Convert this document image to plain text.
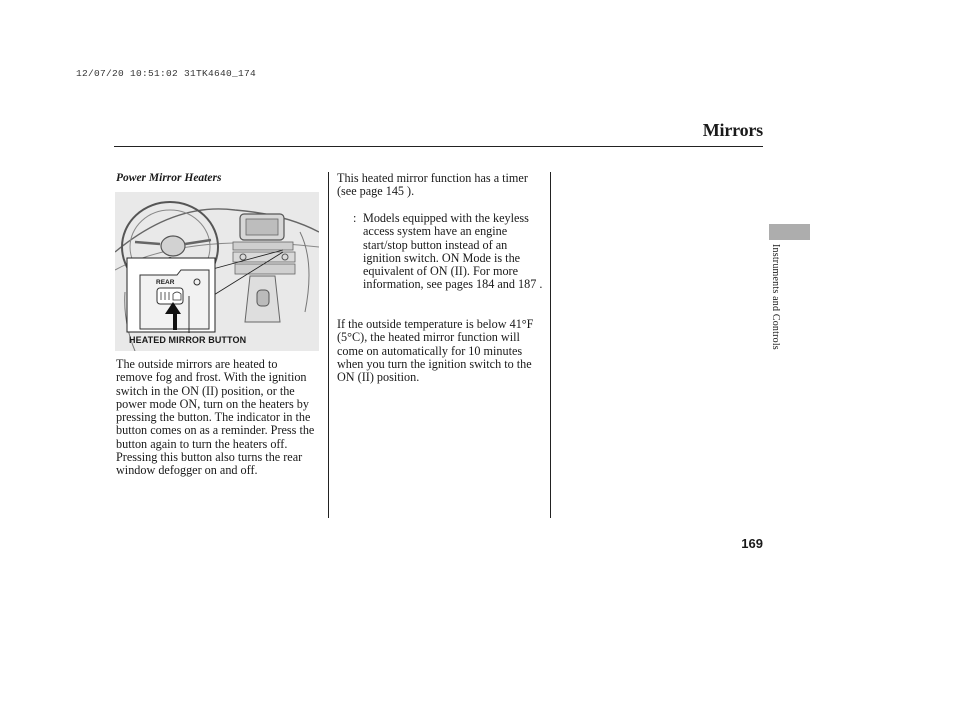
12/07/20 10:51:02 31TK4640_174
Mirrors
Power Mirror Heaters
REAR
HEATED MIRROR BUTTON
The outside mirrors are heated to remove fog and frost. With the ignition switch in the ON (II) position, or the power mode ON, turn on the heaters by pressing the button. The indicator in the button comes on as a reminder. Press the button again to turn the heaters off. Pressing this button also turns the rear window defogger on and off.
This heated mirror function has a timer (see page 145 ).
: Models equipped with the keyless access system have an engine start/stop button instead of an ignition switch. ON Mode is the equivalent of ON (II). For more information, see pages 184 and 187 .
If the outside temperature is below 41°F (5°C), the heated mirror function will come on automatically for 10 minutes when you turn the ignition switch to the ON (II) position.
Instruments and Controls
169
